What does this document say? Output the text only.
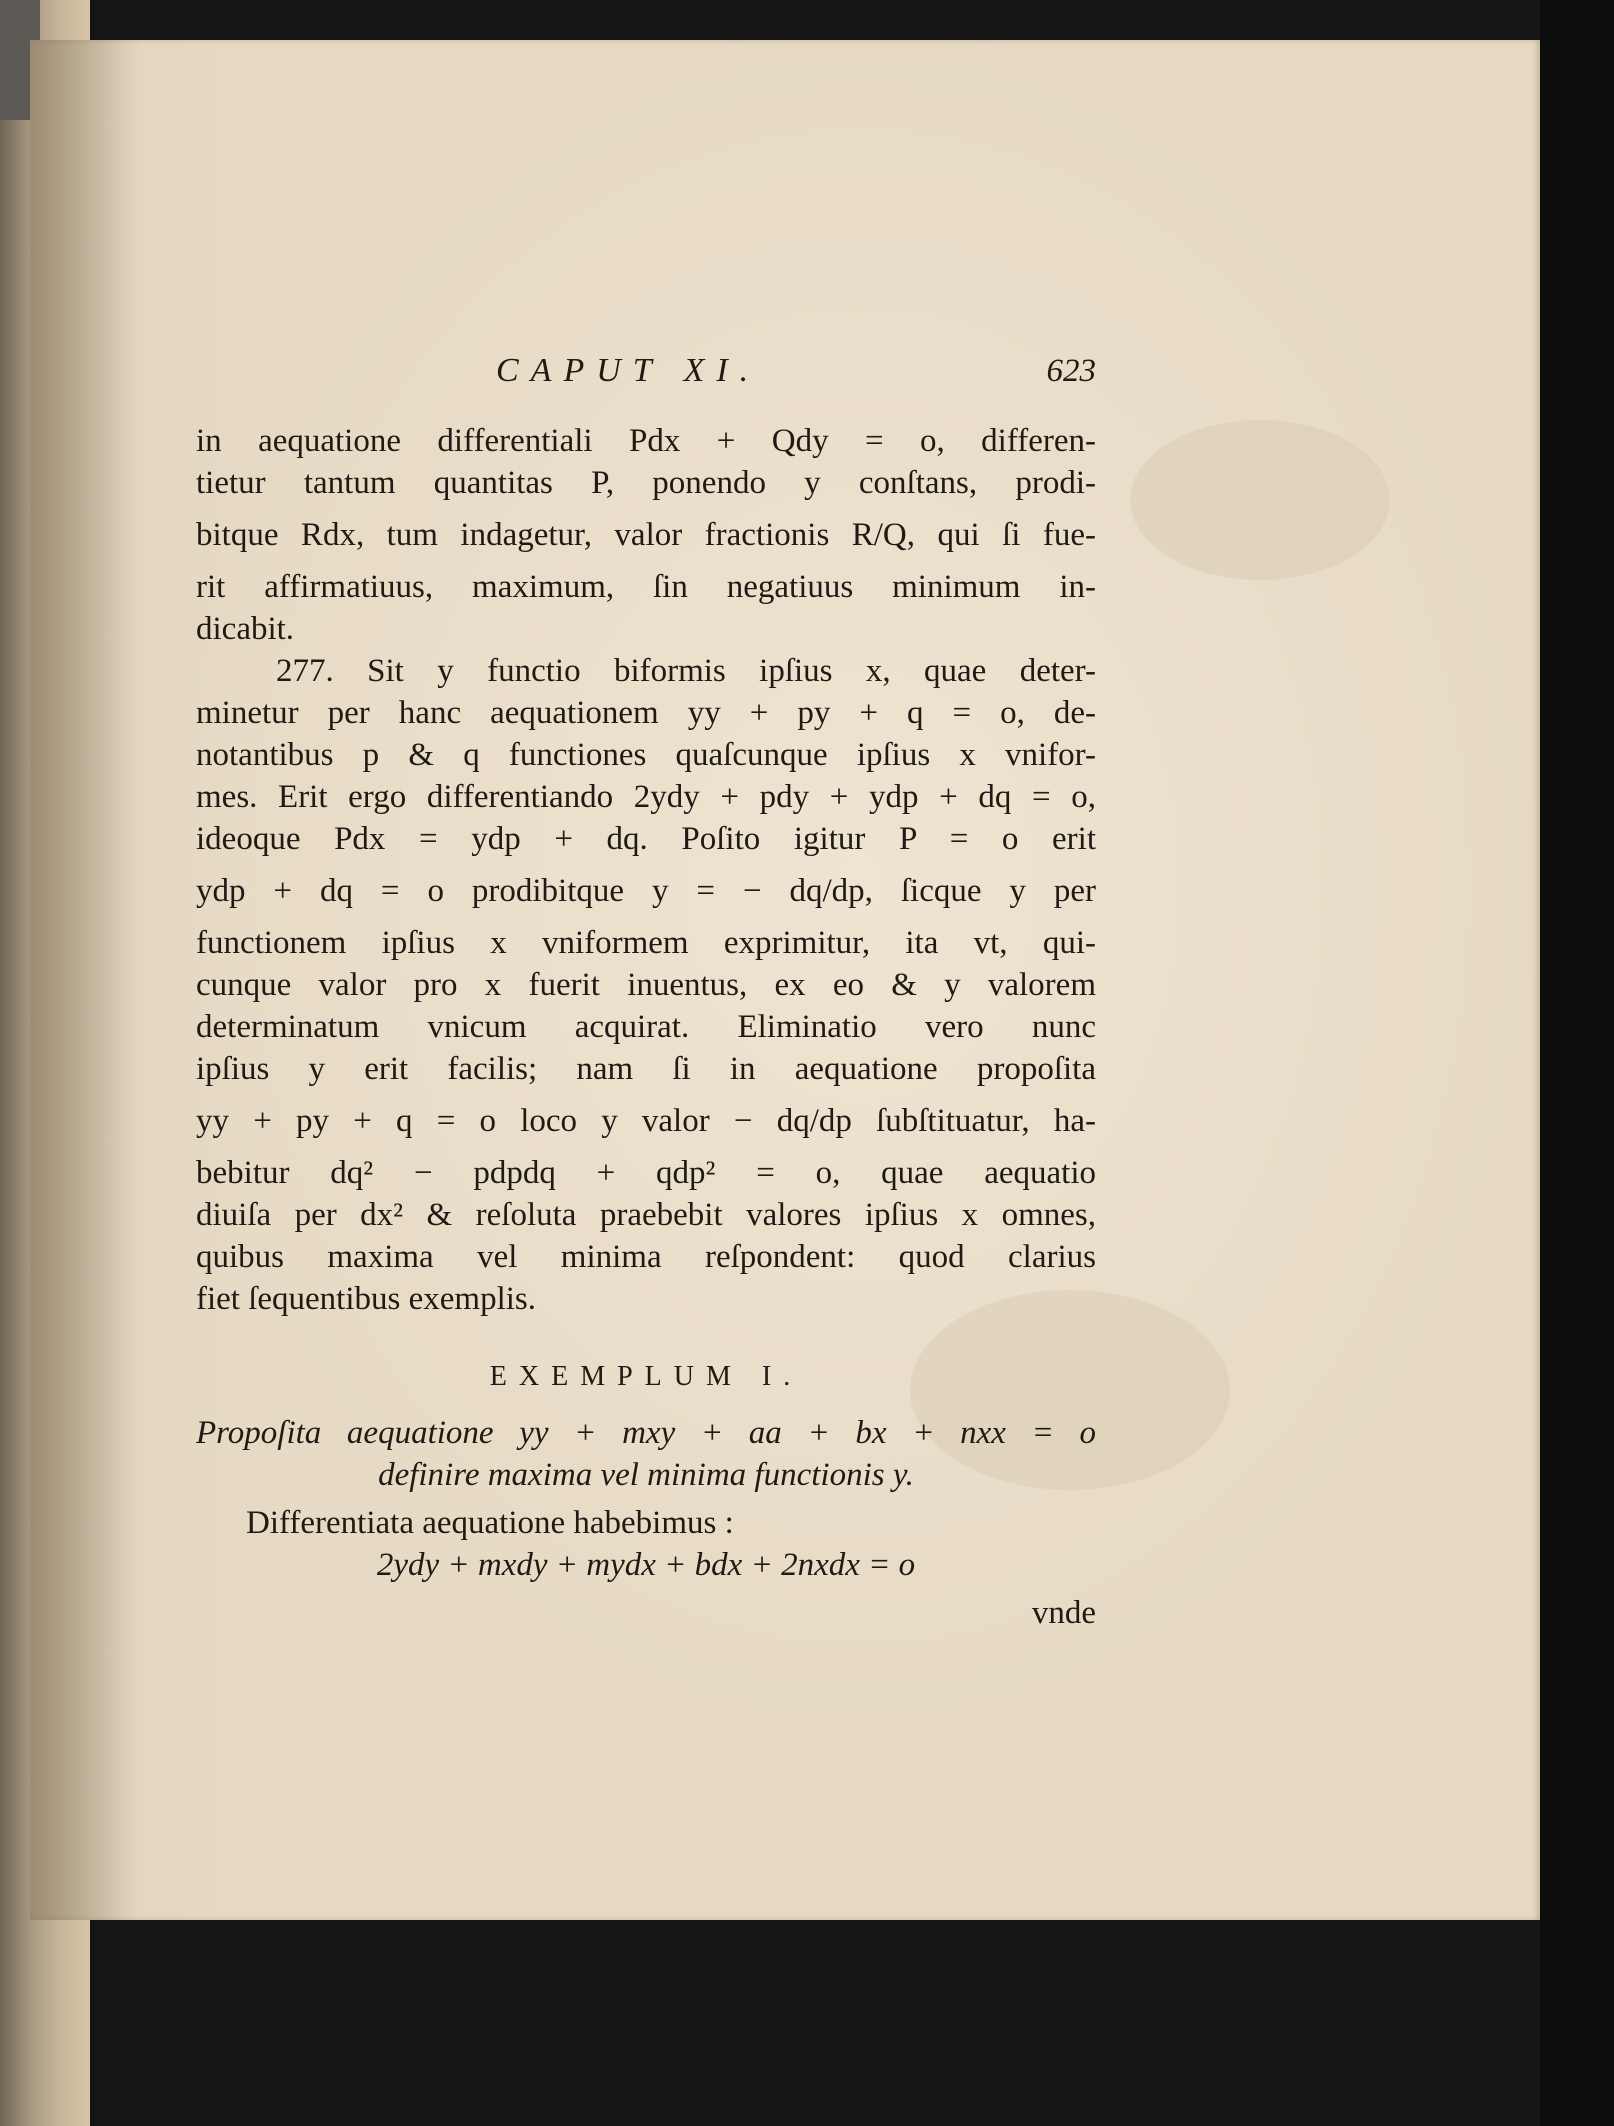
CAPUT XI.	623
in aequatione differentiali Pdx + Qdy = o, differen-
tietur tantum quantitas P, ponendo y conſtans, prodi-
bitque Rdx, tum indagetur, valor fractionis R/Q, qui ſi fue-
rit affirmatiuus, maximum, ſin negatiuus minimum in-
dicabit.
277. Sit y functio biformis ipſius x, quae deter-
minetur per hanc aequationem yy + py + q = o, de-
notantibus p & q functiones quaſcunque ipſius x vnifor-
mes. Erit ergo differentiando 2ydy + pdy + ydp + dq = o,
ideoque Pdx = ydp + dq. Poſito igitur P = o erit
ydp + dq = o prodibitque y = − dq/dp, ſicque y per
functionem ipſius x vniformem exprimitur, ita vt, qui-
cunque valor pro x fuerit inuentus, ex eo & y valorem
determinatum vnicum acquirat. Eliminatio vero nunc
ipſius y erit facilis; nam ſi in aequatione propoſita
yy + py + q = o loco y valor − dq/dp ſubſtituatur, ha-
bebitur dq² − pdpdq + qdp² = o, quae aequatio
diuiſa per dx² & reſoluta praebebit valores ipſius x omnes,
quibus maxima vel minima reſpondent: quod clarius
fiet ſequentibus exemplis.
EXEMPLUM I.
Propoſita aequatione yy + mxy + aa + bx + nxx = o
definire maxima vel minima functionis y.
Differentiata aequatione habebimus :
2ydy + mxdy + mydx + bdx + 2nxdx = o
vnde
